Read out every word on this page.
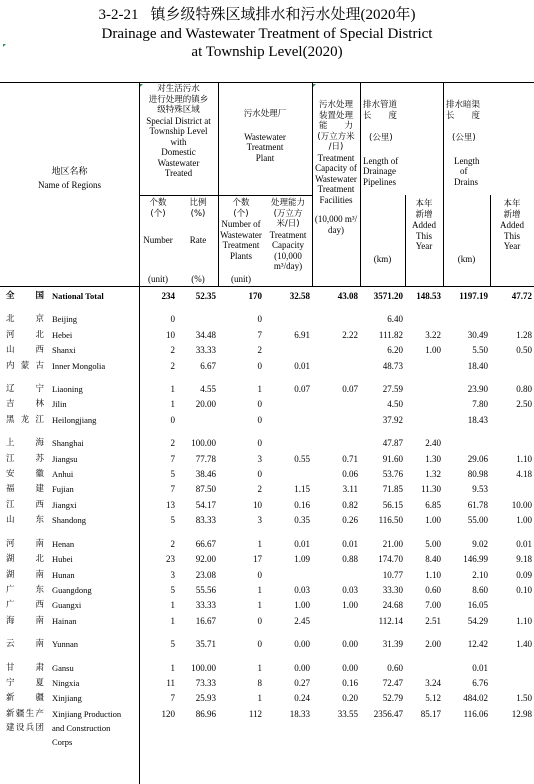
3-2-21 镇乡级特殊区域排水和污水处理(2020年)
Drainage and Wastewater Treatment of Special District
at Township Level(2020)
地区名称
Name of Regions
对生活污水
进行处理的镇乡
级特殊区域
Special District at
Township Level
with
Domestic
Wastewater
Treated
个数
(个)
Number
(unit)
比例
(%)
Rate
(%)
污水处理厂
Wastewater
Treatment
Plant
个数
(个)
Number of
Wastewater
Treatment
Plants
(unit)
处理能力
(万立方
米/日)
Treatment
Capacity
(10,000
m³/day)
污水处理
装置处理
能　　力
(万立方米
/日)
Treatment
Capacity of
Wastewater
Treatment
Facilities
(10,000 m³/
day)
排水管道
长　　度
(公里)
Length of
Drainage
Pipelines
(km)
本年
新增
Added
This
Year
排水暗渠
长　　度
(公里)
Length
of
Drains
(km)
本年
新增
Added
This
Year
全国	National Total	234	52.35	170	32.58	43.08	3571.20	148.53	1197.19	47.72

北京	Beijing	0		0			6.40			
河北	Hebei	10	34.48	7	6.91	2.22	111.82	3.22	30.49	1.28
山西	Shanxi	2	33.33	2			6.20	1.00	5.50	0.50
内蒙古	Inner Mongolia	2	6.67	0	0.01		48.73		18.40	

辽宁	Liaoning	1	4.55	1	0.07	0.07	27.59		23.90	0.80
吉林	Jilin	1	20.00	0			4.50		7.80	2.50
黑龙江	Heilongjiang	0		0			37.92		18.43	

上海	Shanghai	2	100.00	0			47.87	2.40		
江苏	Jiangsu	7	77.78	3	0.55	0.71	91.60	1.30	29.06	1.10
安徽	Anhui	5	38.46	0		0.06	53.76	1.32	80.98	4.18
福建	Fujian	7	87.50	2	1.15	3.11	71.85	11.30	9.53	
江西	Jiangxi	13	54.17	10	0.16	0.82	56.15	6.85	61.78	10.00
山东	Shandong	5	83.33	3	0.35	0.26	116.50	1.00	55.00	1.00

河南	Henan	2	66.67	1	0.01	0.01	21.00	5.00	9.02	0.01
湖北	Hubei	23	92.00	17	1.09	0.88	174.70	8.40	146.99	9.18
湖南	Hunan	3	23.08	0			10.77	1.10	2.10	0.09
广东	Guangdong	5	55.56	1	0.03	0.03	33.30	0.60	8.60	0.10
广西	Guangxi	1	33.33	1	1.00	1.00	24.68	7.00	16.05	
海南	Hainan	1	16.67	0	2.45		112.14	2.51	54.29	1.10

云南	Yunnan	5	35.71	0	0.00	0.00	31.39	2.00	12.42	1.40

甘肃	Gansu	1	100.00	1	0.00	0.00	0.60		0.01	
宁夏	Ningxia	11	73.33	8	0.27	0.16	72.47	3.24	6.76	
新疆	Xinjiang	7	25.93	1	0.24	0.20	52.79	5.12	484.02	1.50
新疆生产	Xinjiang Production	120	86.96	112	18.33	33.55	2356.47	85.17	116.06	12.98
建设兵团	and Construction									
	Corps									
